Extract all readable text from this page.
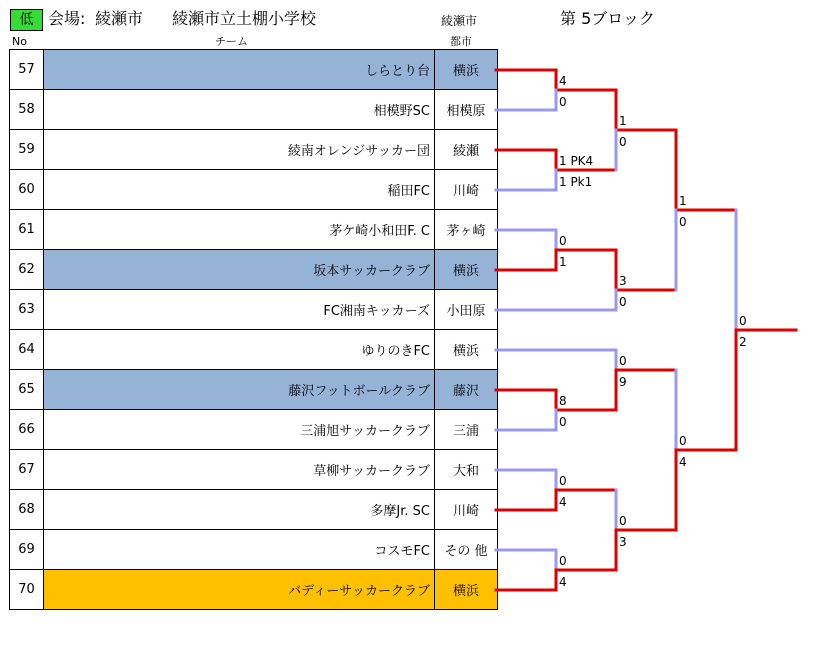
低 会場: 綾瀬市 綾瀬市立土棚小学校	綾瀬市	第 5ブロック
No	チーム	都市
57	しらとり台	横浜
58	相模野SC	相模原
59	綾南オレンジサッカー団	綾瀬
60	稲田FC	川崎
61	茅ケ崎小和田F. C	茅ヶ崎
62	坂本サッカークラブ	横浜
63	FC湘南キッカーズ	小田原
64	ゆりのきFC	横浜
65	藤沢フットボールクラブ	藤沢
66	三浦旭サッカークラブ	三浦
67	草柳サッカークラブ	大和
68	多摩Jr. SC	川崎
69	コスモFC	その 他
70	バディーサッカークラブ	横浜
4
0
1 PK4
1 Pk1
0
1
8
0
0
4
0
4
1
0
3
0
0
9
0
3
1
0
0
4
0
2
